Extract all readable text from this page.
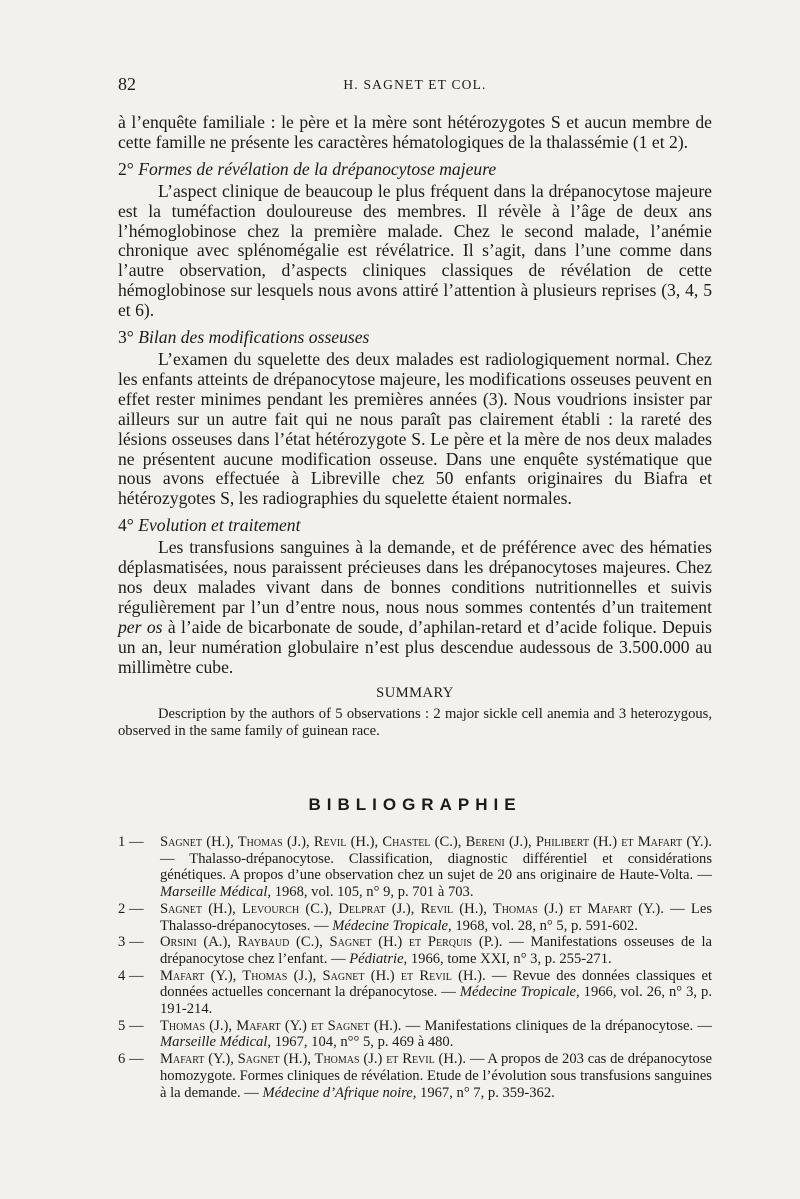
82	H. SAGNET ET COL.

à l’enquête familiale : le père et la mère sont hétérozygotes S et aucun membre de cette famille ne présente les caractères hématologiques de la thalassémie (1 et 2).

2° Formes de révélation de la drépanocytose majeure

L’aspect clinique de beaucoup le plus fréquent dans la drépanocytose majeure est la tuméfaction douloureuse des membres. Il révèle à l’âge de deux ans l’hémoglobinose chez la première malade. Chez le second malade, l’anémie chronique avec splénomégalie est révélatrice. Il s’agit, dans l’une comme dans l’autre observation, d’aspects cliniques classiques de révélation de cette hémoglobinose sur lesquels nous avons attiré l’attention à plusieurs reprises (3, 4, 5 et 6).

3° Bilan des modifications osseuses

L’examen du squelette des deux malades est radiologiquement normal. Chez les enfants atteints de drépanocytose majeure, les modifications osseuses peuvent en effet rester minimes pendant les premières années (3). Nous voudrions insister par ailleurs sur un autre fait qui ne nous paraît pas clairement établi : la rareté des lésions osseuses dans l’état hétérozygote S. Le père et la mère de nos deux malades ne présentent aucune modification osseuse. Dans une enquête systématique que nous avons effectuée à Libreville chez 50 enfants originaires du Biafra et hétérozygotes S, les radiographies du squelette étaient normales.

4° Evolution et traitement

Les transfusions sanguines à la demande, et de préférence avec des hématies déplasmatisées, nous paraissent précieuses dans les drépanocytoses majeures. Chez nos deux malades vivant dans de bonnes conditions nutritionnelles et suivis régulièrement par l’un d’entre nous, nous nous sommes contentés d’un traitement per os à l’aide de bicarbonate de soude, d’aphilan-retard et d’acide folique. Depuis un an, leur numération globulaire n’est plus descendue audessous de 3.500.000 au millimètre cube.

SUMMARY

Description by the authors of 5 observations : 2 major sickle cell anemia and 3 heterozygous, observed in the same family of guinean race.

BIBLIOGRAPHIE

1 — Sagnet (H.), Thomas (J.), Revil (H.), Chastel (C.), Bereni (J.), Philibert (H.) et Mafart (Y.). — Thalasso-drépanocytose. Classification, diagnostic différentiel et considérations génétiques. A propos d’une observation chez un sujet de 20 ans originaire de Haute-Volta. — Marseille Médical, 1968, vol. 105, n° 9, p. 701 à 703.

2 — Sagnet (H.), Levourch (C.), Delprat (J.), Revil (H.), Thomas (J.) et Mafart (Y.). — Les Thalasso-drépanocytoses. — Médecine Tropicale, 1968, vol. 28, n° 5, p. 591-602.

3 — Orsini (A.), Raybaud (C.), Sagnet (H.) et Perquis (P.). — Manifestations osseuses de la drépanocytose chez l’enfant. — Pédiatrie, 1966, tome XXI, n° 3, p. 255-271.

4 — Mafart (Y.), Thomas (J.), Sagnet (H.) et Revil (H.). — Revue des données classiques et données actuelles concernant la drépanocytose. — Médecine Tropicale, 1966, vol. 26, n° 3, p. 191-214.

5 — Thomas (J.), Mafart (Y.) et Sagnet (H.). — Manifestations cliniques de la drépanocytose. — Marseille Médical, 1967, 104, n°° 5, p. 469 à 480.

6 — Mafart (Y.), Sagnet (H.), Thomas (J.) et Revil (H.). — A propos de 203 cas de drépanocytose homozygote. Formes cliniques de révélation. Etude de l’évolution sous transfusions sanguines à la demande. — Médecine d’Afrique noire, 1967, n° 7, p. 359-362.
